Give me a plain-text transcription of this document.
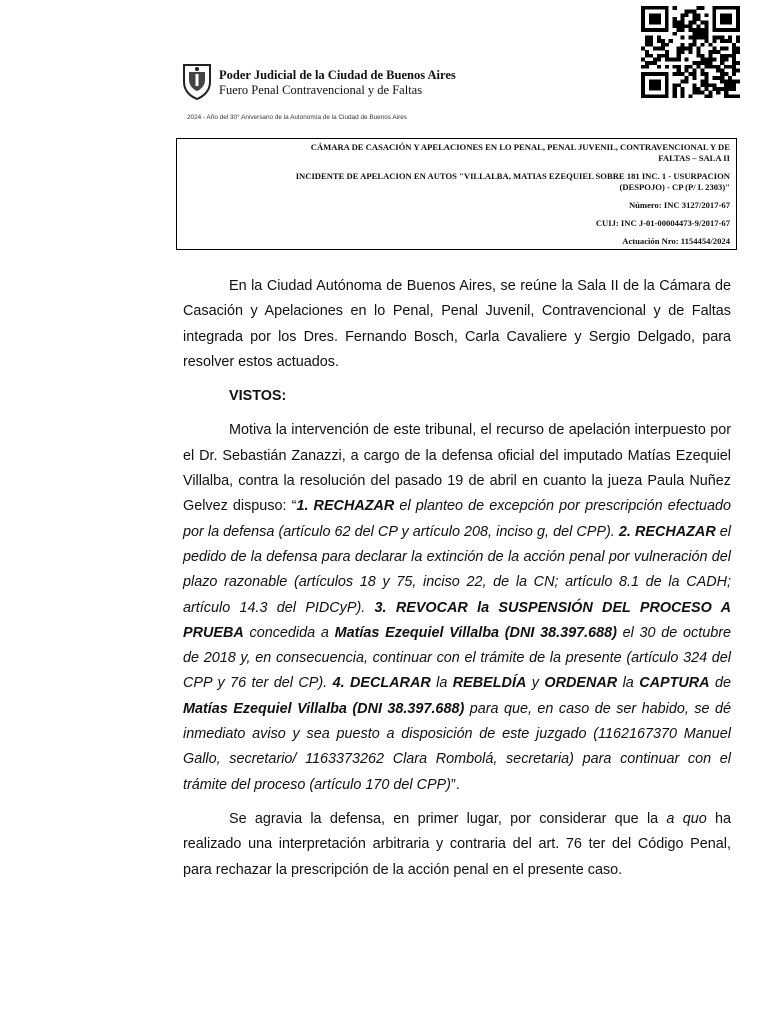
Poder Judicial de la Ciudad de Buenos Aires
Fuero Penal Contravencional y de Faltas
2024 - Año del 30° Aniversario de la Autonomía de la Ciudad de Buenos Aires
CÁMARA DE CASACIÓN Y APELACIONES EN LO PENAL, PENAL JUVENIL, CONTRAVENCIONAL Y DE
FALTAS – SALA II
INCIDENTE DE APELACION EN AUTOS "VILLALBA, MATIAS EZEQUIEL SOBRE 181 INC. 1 - USURPACION
(DESPOJO) - CP (P/ L 2303)"
Número: INC 3127/2017-67
CUIJ: INC J-01-00004473-9/2017-67
Actuación Nro: 1154454/2024

En la Ciudad Autónoma de Buenos Aires, se reúne la Sala II de la Cámara de Casación y Apelaciones en lo Penal, Penal Juvenil, Contravencional y de Faltas integrada por los Dres. Fernando Bosch, Carla Cavaliere y Sergio Delgado, para resolver estos actuados.

VISTOS:

Motiva la intervención de este tribunal, el recurso de apelación interpuesto por el Dr. Sebastián Zanazzi, a cargo de la defensa oficial del imputado Matías Ezequiel Villalba, contra la resolución del pasado 19 de abril en cuanto la jueza Paula Nuñez Gelvez dispuso: “1. RECHAZAR el planteo de excepción por prescripción efectuado por la defensa (artículo 62 del CP y artículo 208, inciso g, del CPP). 2. RECHAZAR el pedido de la defensa para declarar la extinción de la acción penal por vulneración del plazo razonable (artículos 18 y 75, inciso 22, de la CN; artículo 8.1 de la CADH; artículo 14.3 del PIDCyP). 3. REVOCAR la SUSPENSIÓN DEL PROCESO A PRUEBA concedida a Matías Ezequiel Villalba (DNI 38.397.688) el 30 de octubre de 2018 y, en consecuencia, continuar con el trámite de la presente (artículo 324 del CPP y 76 ter del CP). 4. DECLARAR la REBELDÍA y ORDENAR la CAPTURA de Matías Ezequiel Villalba (DNI 38.397.688) para que, en caso de ser habido, se dé inmediato aviso y sea puesto a disposición de este juzgado (1162167370 Manuel Gallo, secretario/ 1163373262 Clara Rombolá, secretaria) para continuar con el trámite del proceso (artículo 170 del CPP)”.

Se agravia la defensa, en primer lugar, por considerar que la a quo ha realizado una interpretación arbitraria y contraria del art. 76 ter del Código Penal, para rechazar la prescripción de la acción penal en el presente caso.
